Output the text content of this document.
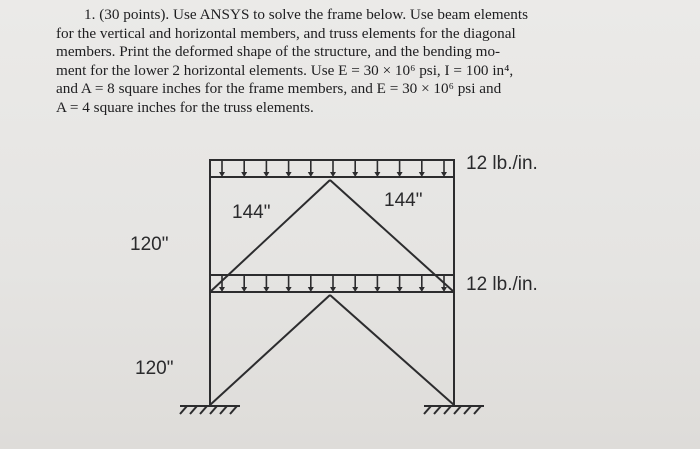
1. (30 points). Use ANSYS to solve the frame below. Use beam elements
for the vertical and horizontal members, and truss elements for the diagonal
members. Print the deformed shape of the structure, and the bending mo-
ment for the lower 2 horizontal elements. Use E = 30 × 10⁶ psi, I = 100 in⁴,
and A = 8 square inches for the frame members, and E = 30 × 10⁶ psi and
A = 4 square inches for the truss elements.
12 lb./in.
12 lb./in.
144"
144"
120"
120"
